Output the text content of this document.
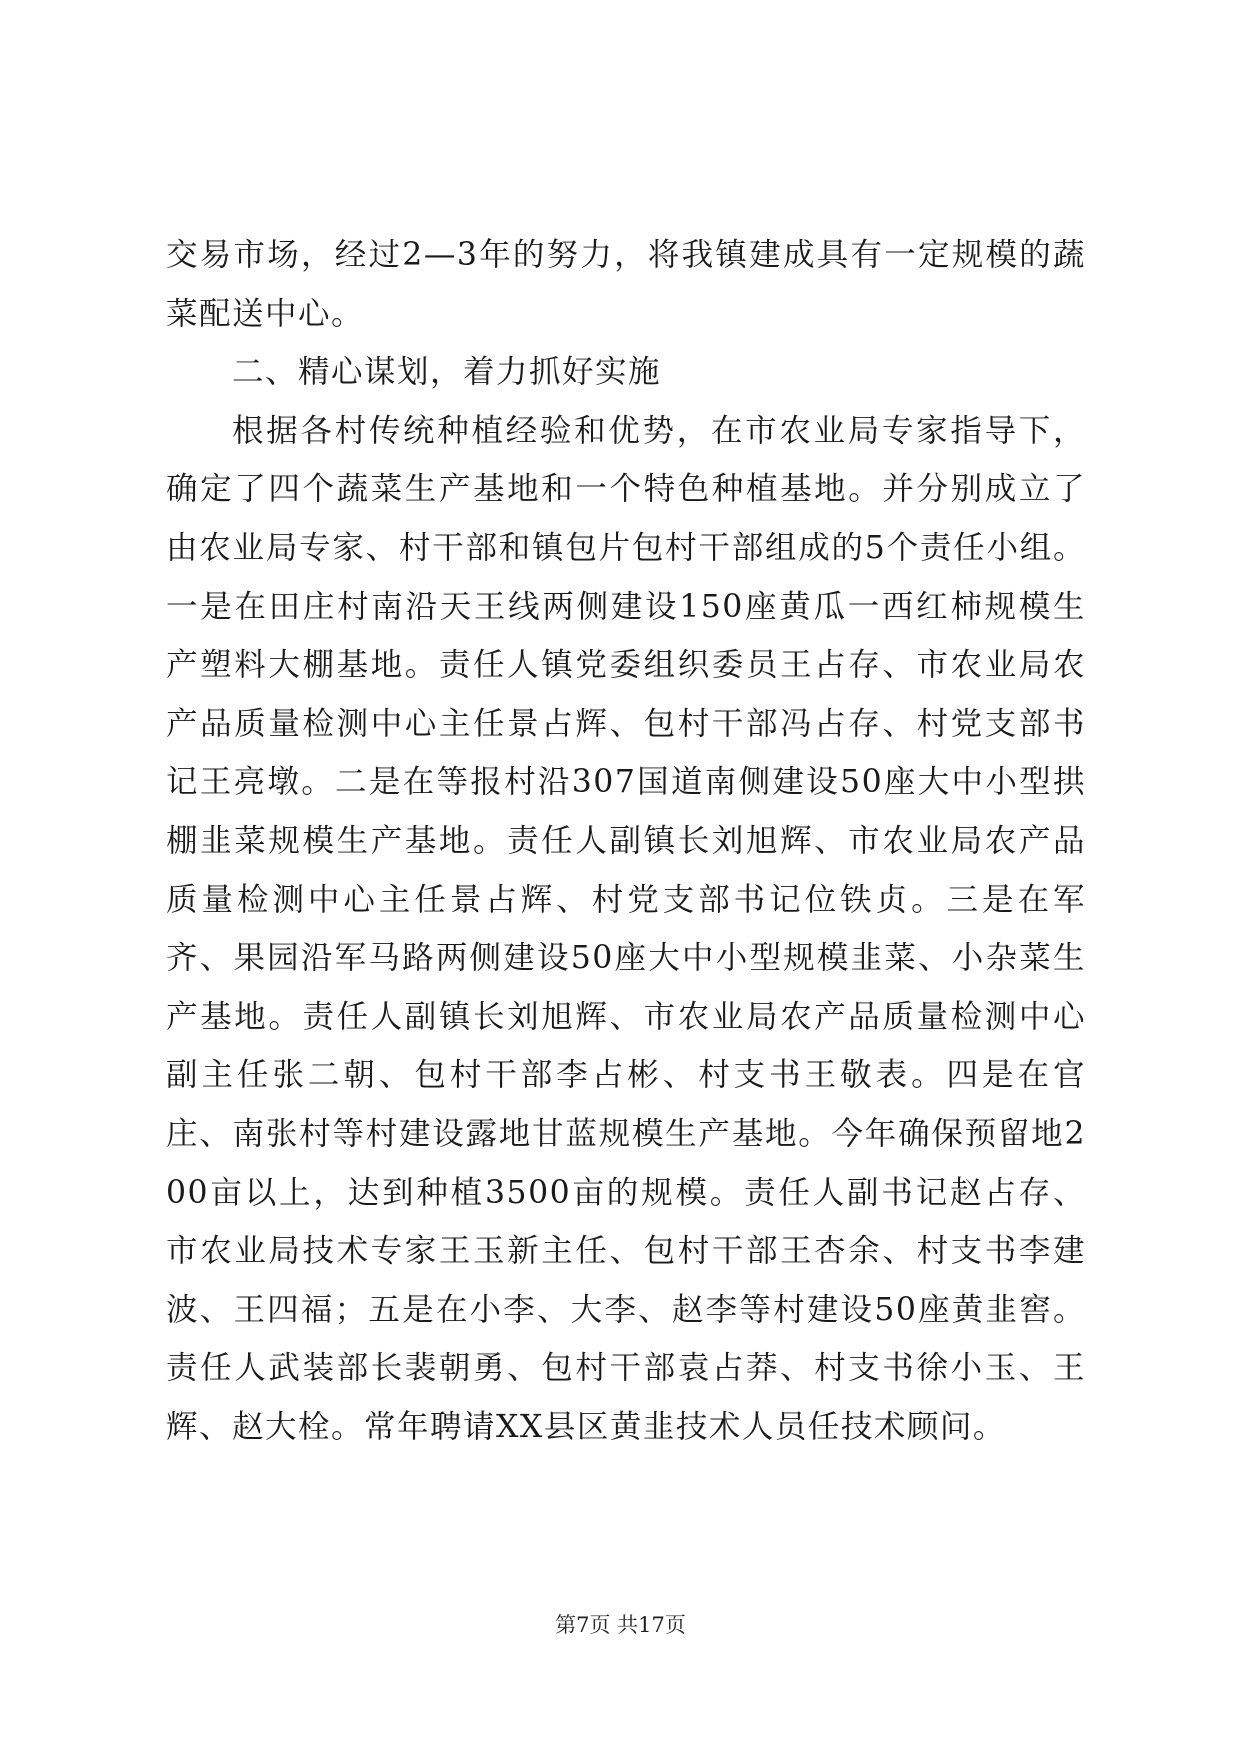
交易市场，经过2—3年的努力，将我镇建成具有一定规模的蔬菜配送中心。

二、精心谋划，着力抓好实施

根据各村传统种植经验和优势，在市农业局专家指导下，确定了四个蔬菜生产基地和一个特色种植基地。并分别成立了由农业局专家、村干部和镇包片包村干部组成的5个责任小组。一是在田庄村南沿天王线两侧建设150座黄瓜一西红柿规模生产塑料大棚基地。责任人镇党委组织委员王占存、市农业局农产品质量检测中心主任景占辉、包村干部冯占存、村党支部书记王亮墩。二是在等报村沿307国道南侧建设50座大中小型拱棚韭菜规模生产基地。责任人副镇长刘旭辉、市农业局农产品质量检测中心主任景占辉、村党支部书记位铁贞。三是在军齐、果园沿军马路两侧建设50座大中小型规模韭菜、小杂菜生产基地。责任人副镇长刘旭辉、市农业局农产品质量检测中心副主任张二朝、包村干部李占彬、村支书王敬表。四是在官庄、南张村等村建设露地甘蓝规模生产基地。今年确保预留地200亩以上，达到种植3500亩的规模。责任人副书记赵占存、市农业局技术专家王玉新主任、包村干部王杏余、村支书李建波、王四福；五是在小李、大李、赵李等村建设50座黄韭窖。责任人武装部长裴朝勇、包村干部袁占莽、村支书徐小玉、王辉、赵大栓。常年聘请XX县区黄韭技术人员任技术顾问。

第7页 共17页
